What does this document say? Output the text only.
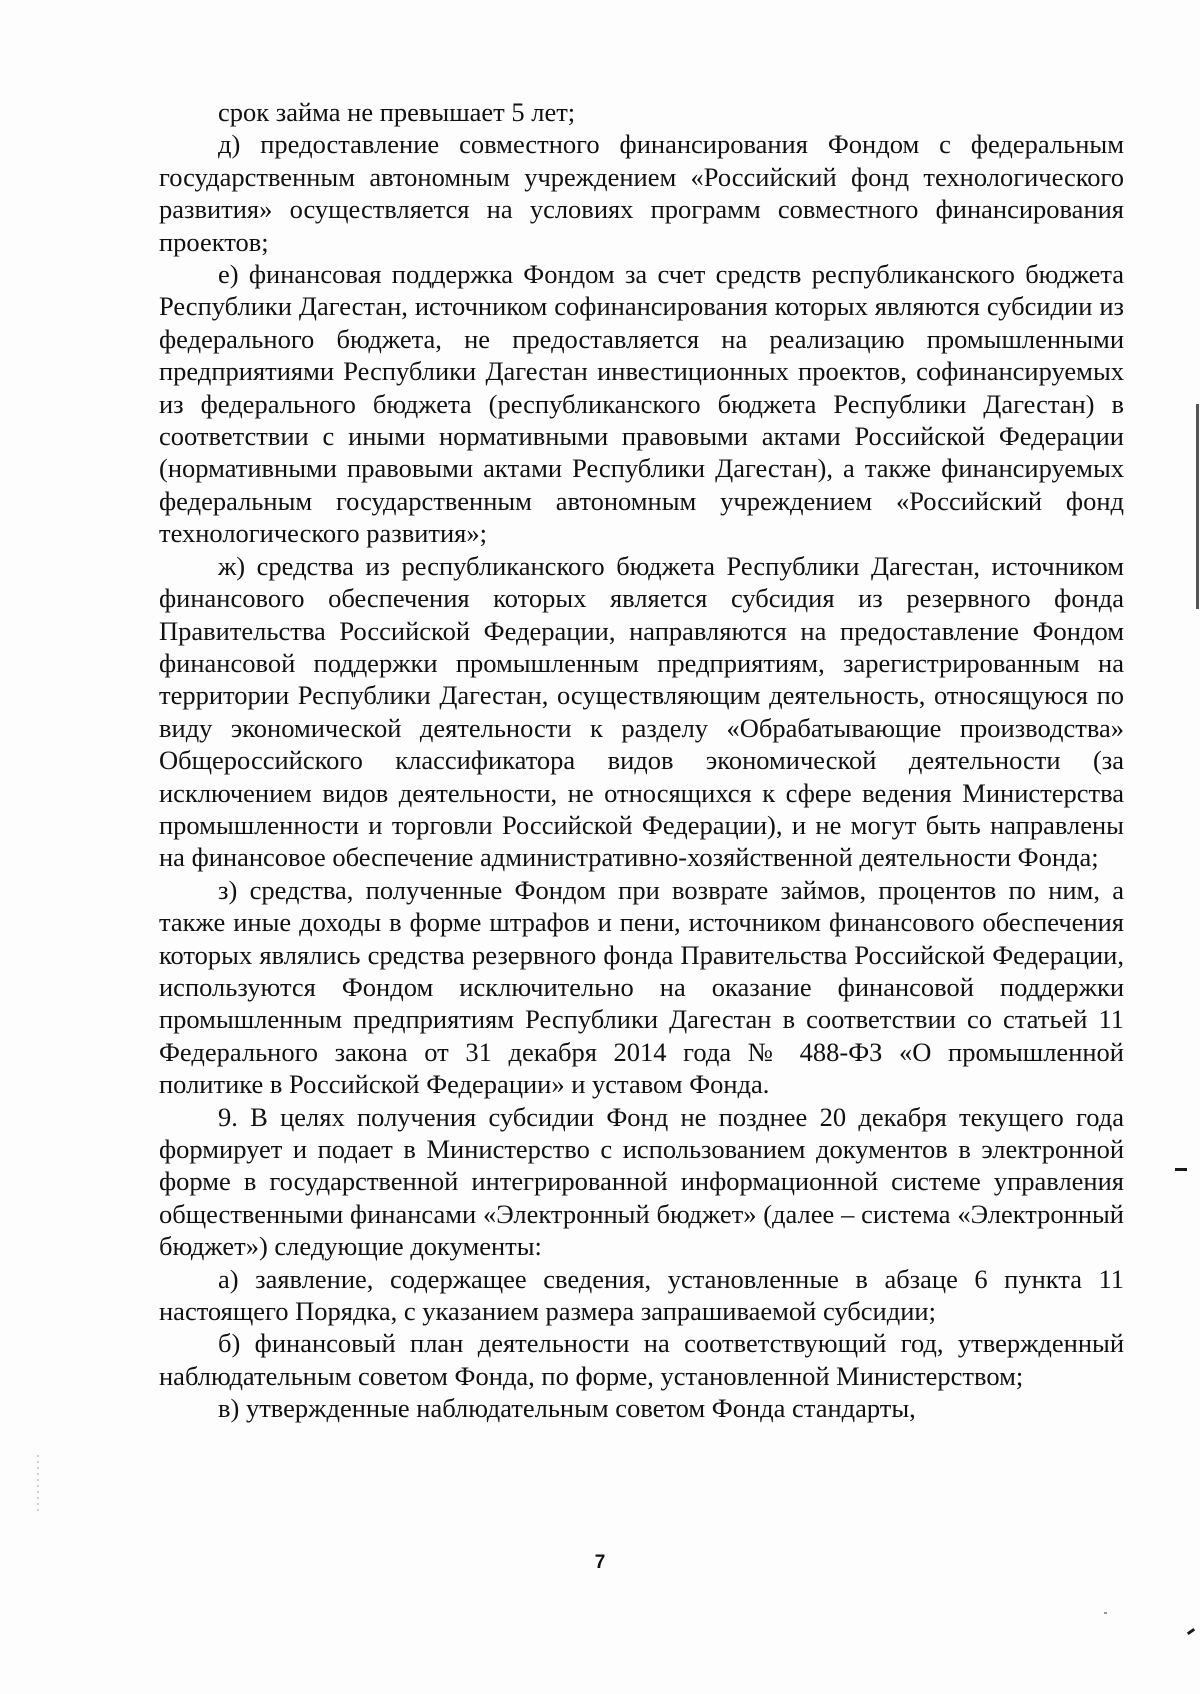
срок займа не превышает 5 лет;

д) предоставление совместного финансирования Фондом с федеральным государственным автономным учреждением «Российский фонд технологического развития» осуществляется на условиях программ совместного финансирования проектов;

е) финансовая поддержка Фондом за счет средств республиканского бюджета Республики Дагестан, источником софинансирования которых являются субсидии из федерального бюджета, не предоставляется на реализацию промышленными предприятиями Республики Дагестан инвестиционных проектов, софинансируемых из федерального бюджета (республиканского бюджета Республики Дагестан) в соответствии с иными нормативными правовыми актами Российской Федерации (нормативными правовыми актами Республики Дагестан), а также финансируемых федеральным государственным автономным учреждением «Российский фонд технологического развития»;

ж) средства из республиканского бюджета Республики Дагестан, источником финансового обеспечения которых является субсидия из резервного фонда Правительства Российской Федерации, направляются на предоставление Фондом финансовой поддержки промышленным предприятиям, зарегистрированным на территории Республики Дагестан, осуществляющим деятельность, относящуюся по виду экономической деятельности к разделу «Обрабатывающие производства» Общероссийского классификатора видов экономической деятельности (за исключением видов деятельности, не относящихся к сфере ведения Министерства промышленности и торговли Российской Федерации), и не могут быть направлены на финансовое обеспечение административно-хозяйственной деятельности Фонда;

з) средства, полученные Фондом при возврате займов, процентов по ним, а также иные доходы в форме штрафов и пени, источником финансового обеспечения которых являлись средства резервного фонда Правительства Российской Федерации, используются Фондом исключительно на оказание финансовой поддержки промышленным предприятиям Республики Дагестан в соответствии со статьей 11 Федерального закона от 31 декабря 2014 года № 488-ФЗ «О промышленной политике в Российской Федерации» и уставом Фонда.

9. В целях получения субсидии Фонд не позднее 20 декабря текущего года формирует и подает в Министерство с использованием документов в электронной форме в государственной интегрированной информационной системе управления общественными финансами «Электронный бюджет» (далее – система «Электронный бюджет») следующие документы:

а) заявление, содержащее сведения, установленные в абзаце 6 пункта 11 настоящего Порядка, с указанием размера запрашиваемой субсидии;

б) финансовый план деятельности на соответствующий год, утвержденный наблюдательным советом Фонда, по форме, установленной Министерством;

в) утвержденные наблюдательным советом Фонда стандарты,

7
